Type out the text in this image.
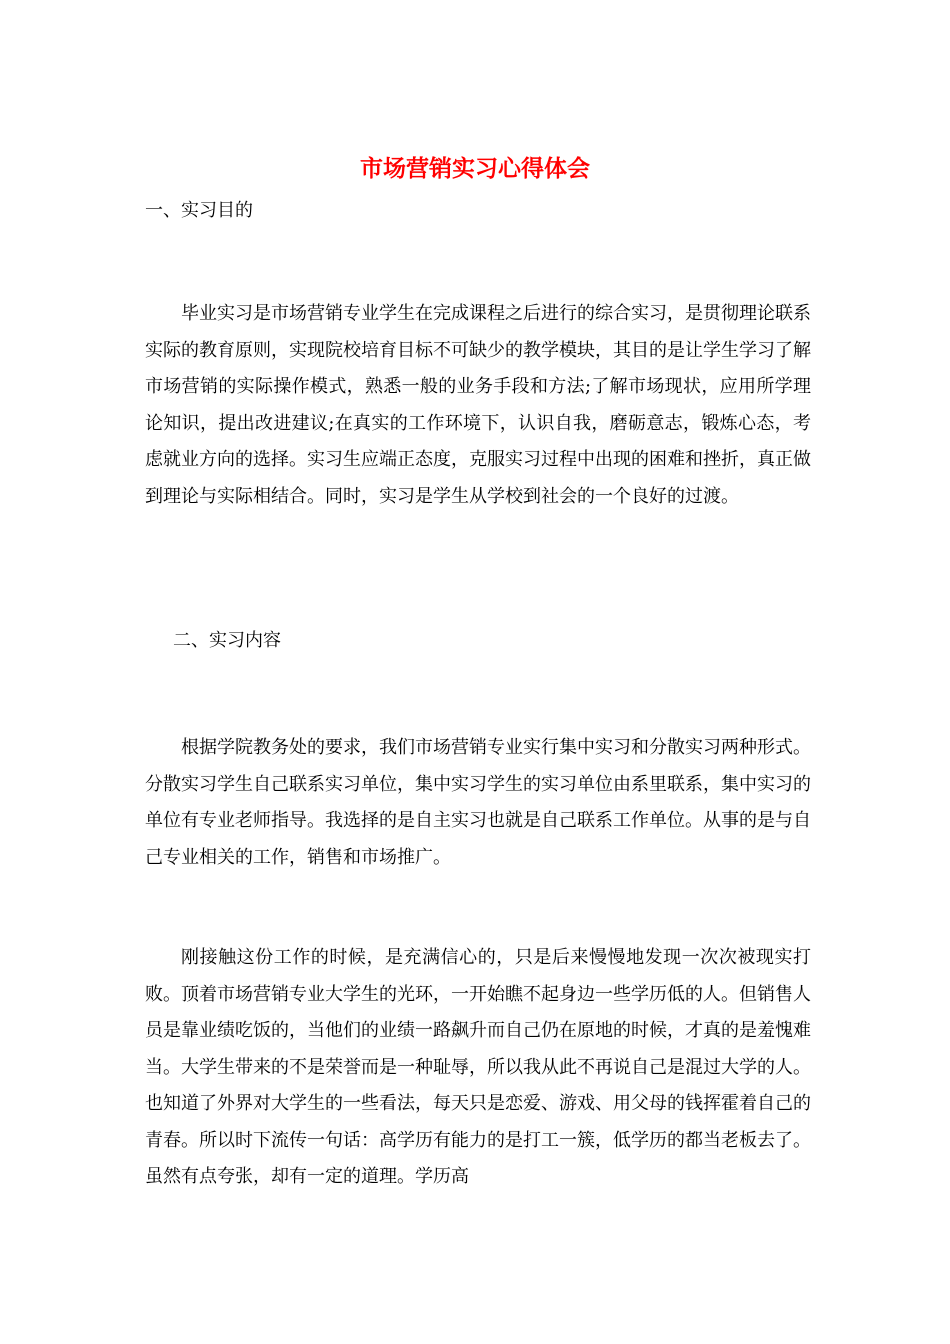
市场营销实习心得体会

一、实习目的

毕业实习是市场营销专业学生在完成课程之后进行的综合实习，是贯彻理论联系实际的教育原则，实现院校培育目标不可缺少的教学模块，其目的是让学生学习了解市场营销的实际操作模式，熟悉一般的业务手段和方法;了解市场现状，应用所学理论知识，提出改进建议;在真实的工作环境下，认识自我，磨砺意志，锻炼心态，考虑就业方向的选择。实习生应端正态度，克服实习过程中出现的困难和挫折，真正做到理论与实际相结合。同时，实习是学生从学校到社会的一个良好的过渡。

二、实习内容

根据学院教务处的要求，我们市场营销专业实行集中实习和分散实习两种形式。分散实习学生自己联系实习单位，集中实习学生的实习单位由系里联系，集中实习的单位有专业老师指导。我选择的是自主实习也就是自己联系工作单位。从事的是与自己专业相关的工作，销售和市场推广。

刚接触这份工作的时候，是充满信心的，只是后来慢慢地发现一次次被现实打败。顶着市场营销专业大学生的光环，一开始瞧不起身边一些学历低的人。但销售人员是靠业绩吃饭的，当他们的业绩一路飙升而自己仍在原地的时候，才真的是羞愧难当。大学生带来的不是荣誉而是一种耻辱，所以我从此不再说自己是混过大学的人。也知道了外界对大学生的一些看法，每天只是恋爱、游戏、用父母的钱挥霍着自己的青春。所以时下流传一句话：高学历有能力的是打工一簇，低学历的都当老板去了。虽然有点夸张，却有一定的道理。学历高
